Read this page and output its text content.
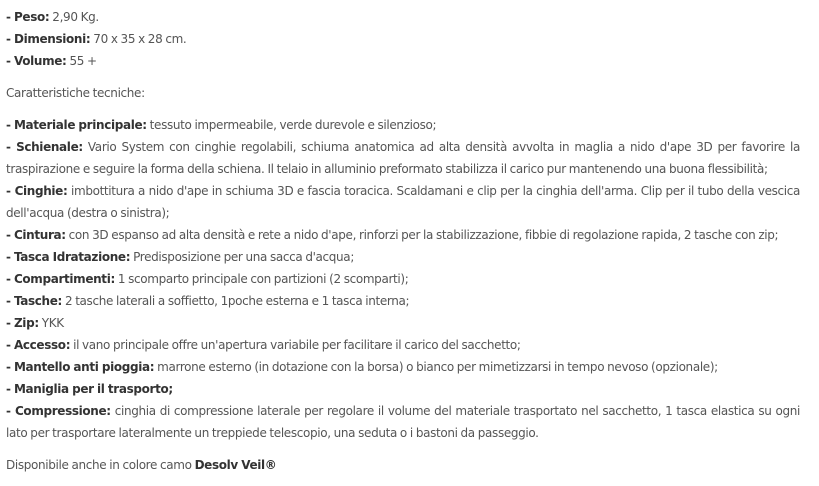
- Peso: 2,90 Kg.

- Dimensioni: 70 x 35 x 28 cm.

- Volume: 55 +

Caratteristiche tecniche:

- Materiale principale: tessuto impermeabile, verde durevole e silenzioso;

- Schienale: Vario System con cinghie regolabili, schiuma anatomica ad alta densità avvolta in maglia a nido d'ape 3D per favorire la traspirazione e seguire la forma della schiena. Il telaio in alluminio preformato stabilizza il carico pur mantenendo una buona flessibilità;

- Cinghie: imbottitura a nido d'ape in schiuma 3D e fascia toracica. Scaldamani e clip per la cinghia dell'arma. Clip per il tubo della vescica dell'acqua (destra o sinistra);

- Cintura: con 3D espanso ad alta densità e rete a nido d'ape, rinforzi per la stabilizzazione, fibbie di regolazione rapida, 2 tasche con zip;

- Tasca Idratazione: Predisposizione per una sacca d'acqua;

- Compartimenti: 1 scomparto principale con partizioni (2 scomparti);

- Tasche: 2 tasche laterali a soffietto, 1poche esterna e 1 tasca interna;

- Zip: YKK

- Accesso: il vano principale offre un'apertura variabile per facilitare il carico del sacchetto;

- Mantello anti pioggia: marrone esterno (in dotazione con la borsa) o bianco per mimetizzarsi in tempo nevoso (opzionale);

- Maniglia per il trasporto;

- Compressione: cinghia di compressione laterale per regolare il volume del materiale trasportato nel sacchetto, 1 tasca elastica su ogni lato per trasportare lateralmente un treppiede telescopio, una seduta o i bastoni da passeggio.

Disponibile anche in colore camo Desolv Veil®
